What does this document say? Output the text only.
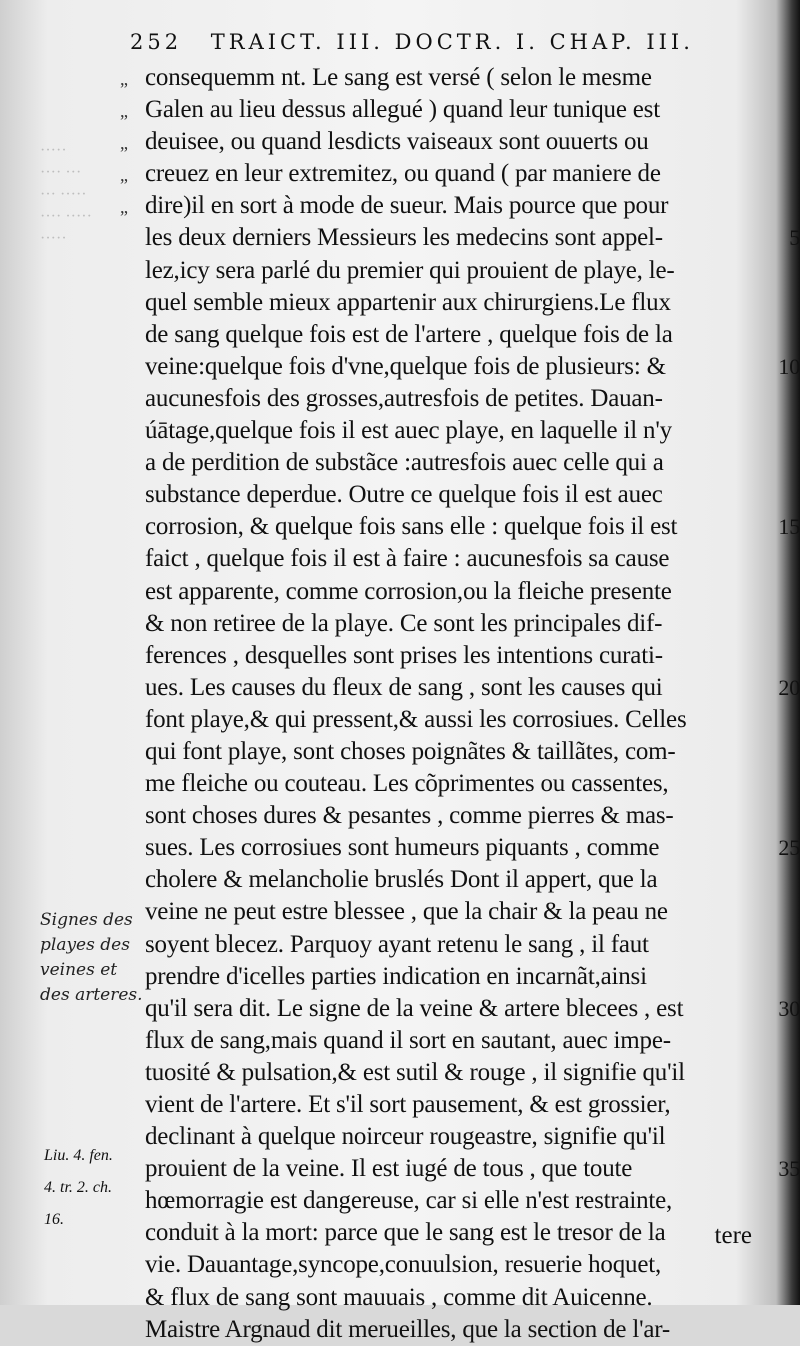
252 TRAICT. III. DOCTR. I. CHAP. III.
·····
···· ···
··· ·····
···· ·····
·····
„ consequemm nt. Le sang est versé ( selon le mesme
„ Galen au lieu dessus allegué ) quand leur tunique est
„ deuisee, ou quand lesdicts vaiseaux sont ouuerts ou
„ creuez en leur extremitez, ou quand ( par maniere de
„ dire)il en sort à mode de sueur. Mais pource que pour
les deux derniers Messieurs les medecins sont appel-	5
lez,icy sera parlé du premier qui prouient de playe, le-
quel semble mieux appartenir aux chirurgiens.Le flux
de sang quelque fois est de l'artere , quelque fois de la
veine:quelque fois d'vne,quelque fois de plusieurs: &	10
aucunesfois des grosses,autresfois de petites. Dauan-
úātage,quelque fois il est auec playe, en laquelle il n'y
a de perdition de substãce :autresfois auec celle qui a
substance deperdue. Outre ce quelque fois il est auec
corrosion, & quelque fois sans elle : quelque fois il est	15
faict , quelque fois il est à faire : aucunesfois sa cause
est apparente, comme corrosion,ou la fleiche presente
& non retiree de la playe. Ce sont les principales dif-
ferences , desquelles sont prises les intentions curati-
ues. Les causes du fleux de sang , sont les causes qui	20
font playe,& qui pressent,& aussi les corrosiues. Celles
qui font playe, sont choses poignãtes & taillãtes, com-
me fleiche ou couteau. Les cõprimentes ou cassentes,
sont choses dures & pesantes , comme pierres & mas-
sues. Les corrosiues sont humeurs piquants , comme	25
cholere & melancholie bruslés Dont il appert, que la
veine ne peut estre blessee , que la chair & la peau ne
soyent blecez. Parquoy ayant retenu le sang , il faut
prendre d'icelles parties indication en incarnãt,ainsi
qu'il sera dit. Le signe de la veine & artere blecees , est	30
flux de sang,mais quand il sort en sautant, auec impe-
tuosité & pulsation,& est sutil & rouge , il signifie qu'il
vient de l'artere. Et s'il sort pausement, & est grossier,
declinant à quelque noirceur rougeastre, signifie qu'il
prouient de la veine. Il est iugé de tous , que toute	35
hœmorragie est dangereuse, car si elle n'est restrainte,
conduit à la mort: parce que le sang est le tresor de la
vie. Dauantage,syncope,conuulsion, resuerie hoquet,
& flux de sang sont mauuais , comme dit Auicenne.
Maistre Argnaud dit merueilles, que la section de l'ar-
Signes des
playes des
veines et
des arteres.
Liu. 4. fen.
4. tr. 2. ch.
16.
tere
